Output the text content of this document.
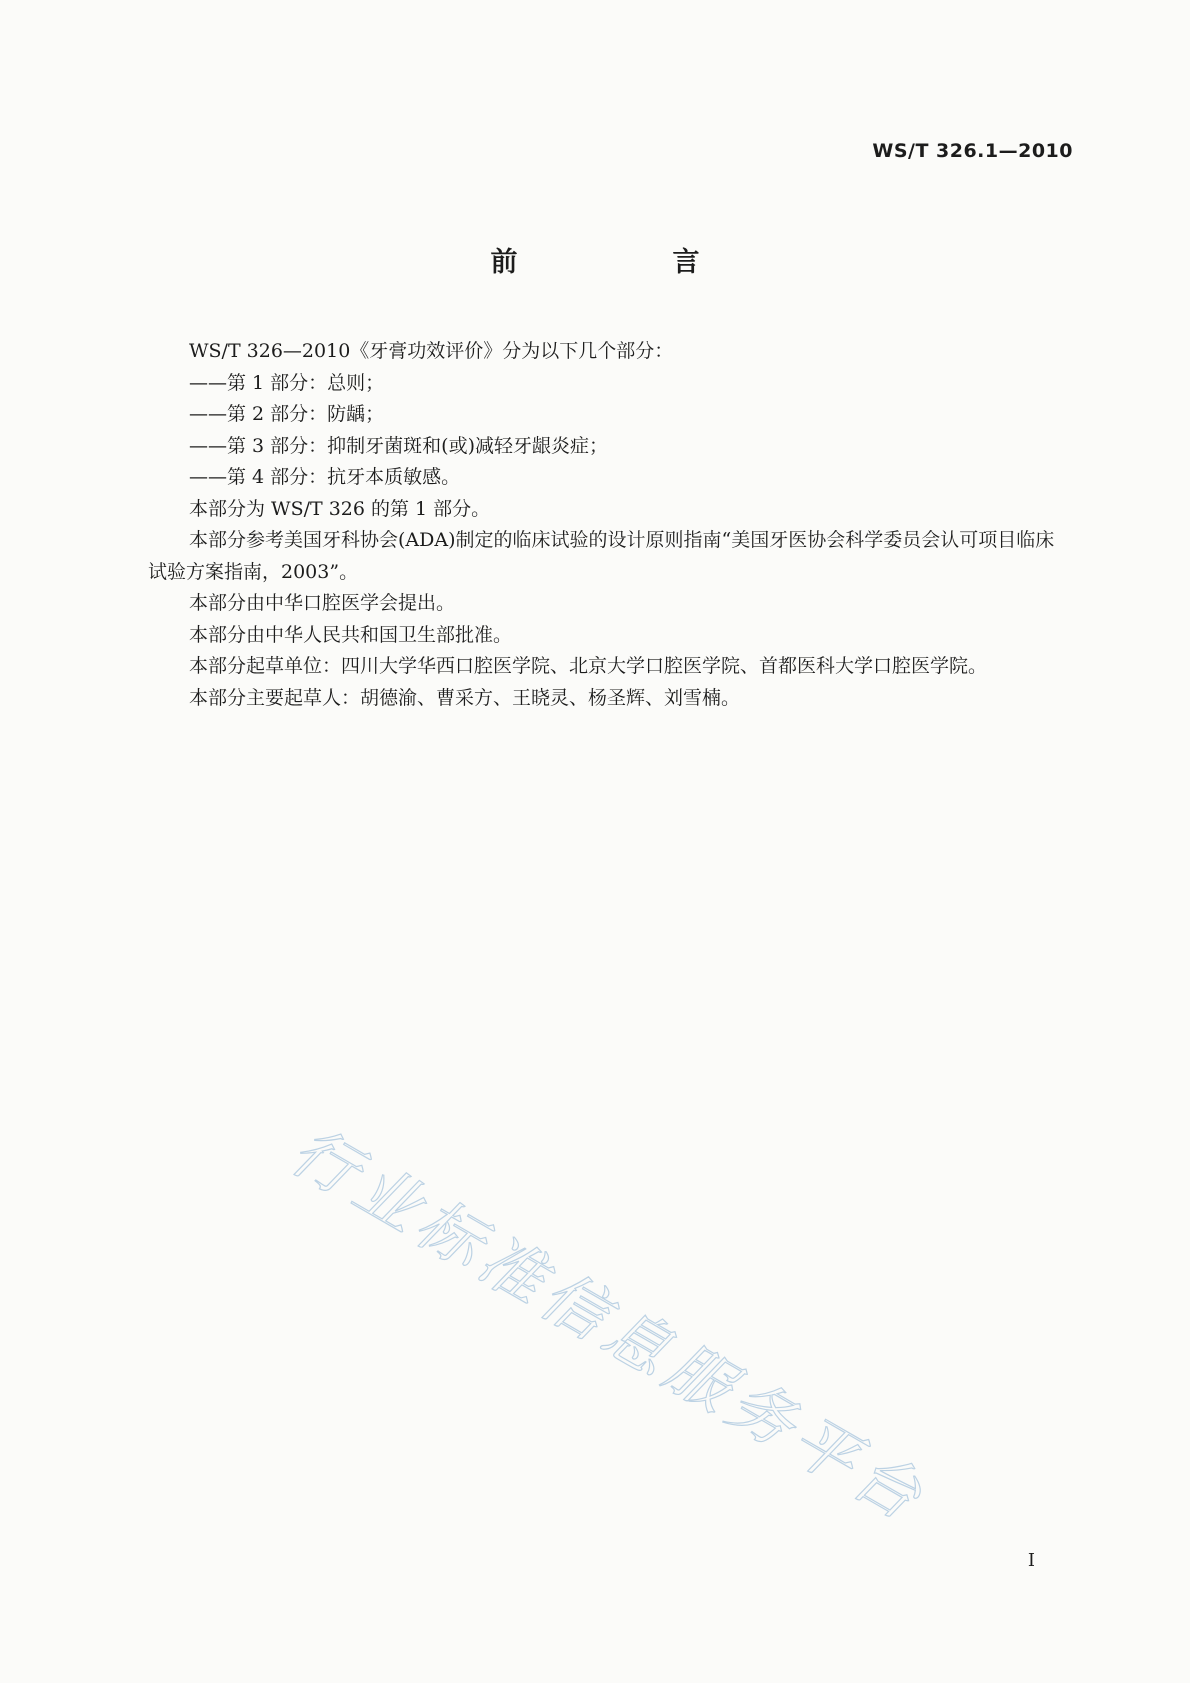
WS/T 326.1—2010
前　言

WS/T 326—2010《牙膏功效评价》分为以下几个部分：

——第 1 部分：总则；

——第 2 部分：防龋；

——第 3 部分：抑制牙菌斑和(或)减轻牙龈炎症；

——第 4 部分：抗牙本质敏感。

本部分为 WS/T 326 的第 1 部分。

本部分参考美国牙科协会(ADA)制定的临床试验的设计原则指南“美国牙医协会科学委员会认可项目临床试验方案指南，2003”。

本部分由中华口腔医学会提出。

本部分由中华人民共和国卫生部批准。

本部分起草单位：四川大学华西口腔医学院、北京大学口腔医学院、首都医科大学口腔医学院。

本部分主要起草人：胡德渝、曹采方、王晓灵、杨圣辉、刘雪楠。

行业标准信息服务平台
I
